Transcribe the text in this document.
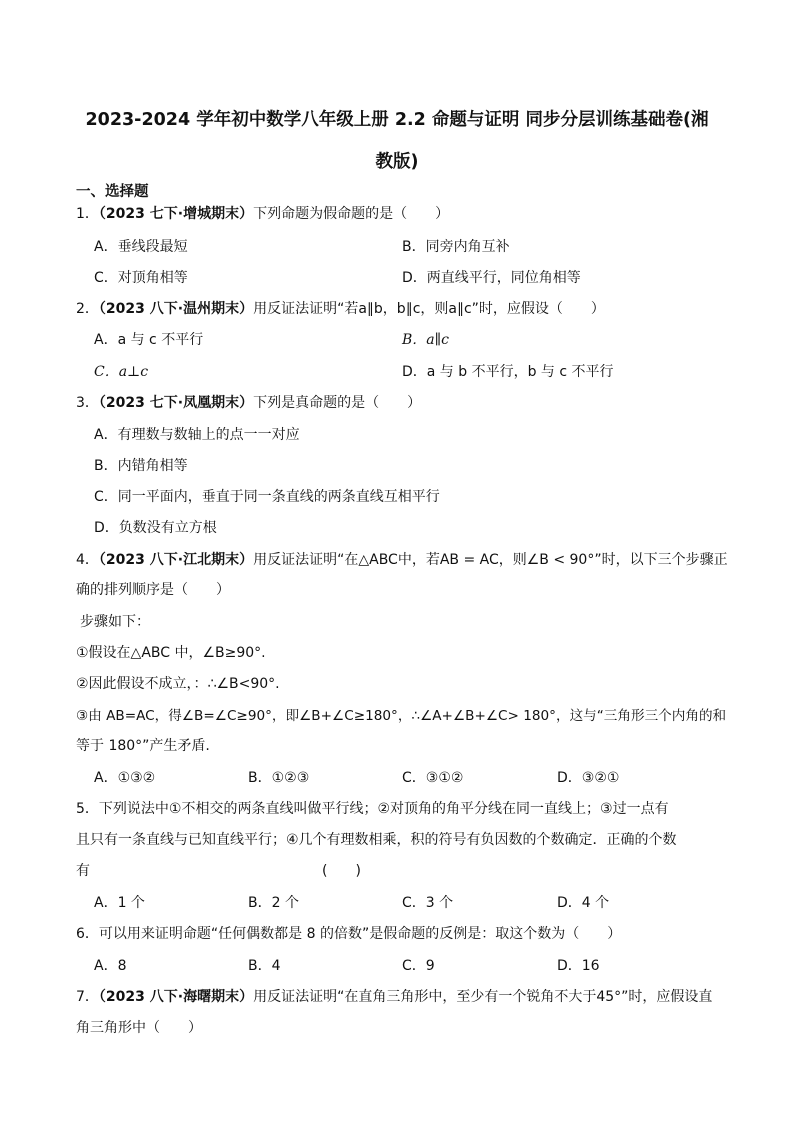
2023-2024 学年初中数学八年级上册 2.2 命题与证明 同步分层训练基础卷(湘
教版)
一、选择题
1．（2023 七下·增城期末）下列命题为假命题的是（　　）
A．垂线段最短	B．同旁内角互补
C．对顶角相等	D．两直线平行，同位角相等
2．（2023 八下·温州期末）用反证法证明“若a∥b，b∥c，则a∥c”时，应假设（　　）
A．a 与 c 不平行	B．a∥c
C．a⊥c	D．a 与 b 不平行，b 与 c 不平行
3．（2023 七下·凤凰期末）下列是真命题的是（　　）
A．有理数与数轴上的点一一对应
B．内错角相等
C．同一平面内，垂直于同一条直线的两条直线互相平行
D．负数没有立方根
4．（2023 八下·江北期末）用反证法证明“在△ABC中，若AB = AC，则∠B < 90°”时，以下三个步骤正
确的排列顺序是（　　）
步骤如下：
①假设在△ABC 中，∠B≥90°.
②因此假设不成立，：∴∠B<90°.
③由 AB=AC，得∠B=∠C≥90°，即∠B+∠C≥180°，∴∠A+∠B+∠C> 180°，这与“三角形三个内角的和
等于 180°”产生矛盾.
A．①③②	B．①②③	C．③①②	D．③②①
5．下列说法中①不相交的两条直线叫做平行线；②对顶角的角平分线在同一直线上；③过一点有
且只有一条直线与已知直线平行；④几个有理数相乘，积的符号有负因数的个数确定．正确的个数
有	(　　)
A．1 个	B．2 个	C．3 个	D．4 个
6．可以用来证明命题“任何偶数都是 8 的倍数”是假命题的反例是：取这个数为（　　）
A．8	B．4	C．9	D．16
7．（2023 八下·海曙期末）用反证法证明“在直角三角形中，至少有一个锐角不大于45°”时，应假设直
角三角形中（　　）
